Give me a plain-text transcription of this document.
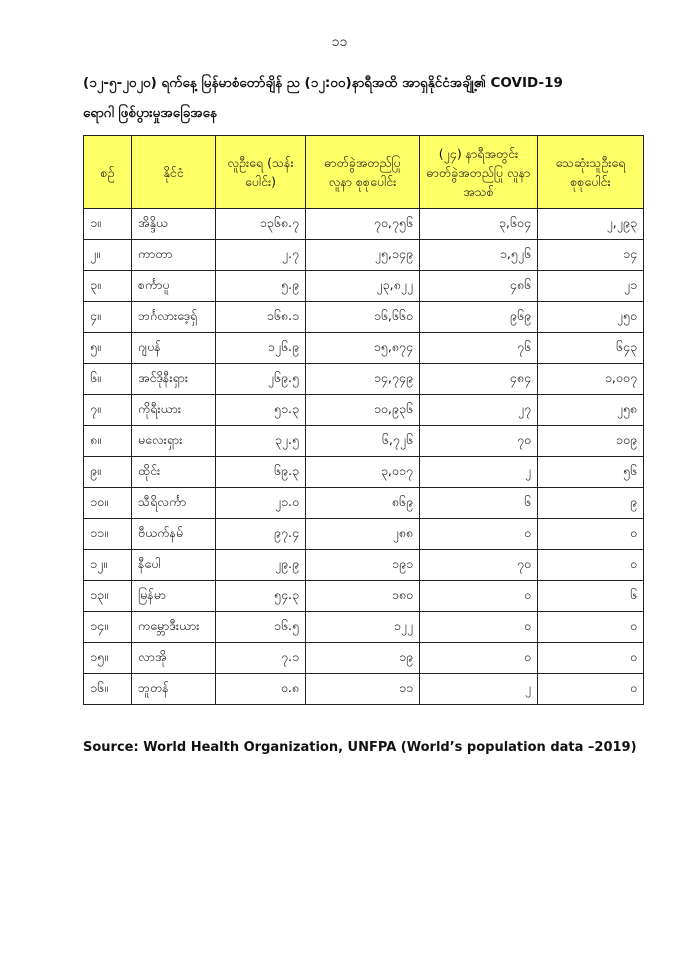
၁၁
(၁၂-၅-၂၀၂၀) ရက်နေ့ မြန်မာစံတော်ချိန် ည (၁၂:၀၀)နာရီအထိ အာရှနိုင်ငံအချို့၏ COVID-19
ရောဂါ ဖြစ်ပွားမှုအခြေအနေ
စဉ်	နိုင်ငံ	လူဦးရေ (သန်းပေါင်း)	ဓာတ်ခွဲအတည်ပြု လူနာ စုစုပေါင်း	(၂၄) နာရီအတွင်း ဓာတ်ခွဲအတည်ပြု လူနာ အသစ်	သေဆုံးသူဦးရေ စုစုပေါင်း
၁။	အိန္ဒိယ	၁၃၆၈.၇	၇၀,၇၅၆	၃,၆၀၄	၂,၂၉၃
၂။	ကာတာ	၂.၇	၂၅,၁၄၉	၁,၅၂၆	၁၄
၃။	စင်္ကာပူ	၅.၉	၂၃,၈၂၂	၄၈၆	၂၁
၄။	ဘင်္ဂလားဒေ့ရှ်	၁၆၈.၁	၁၆,၆၆၀	၉၆၉	၂၅၀
၅။	ဂျပန်	၁၂၆.၉	၁၅,၈၇၄	၇၆	၆၄၃
၆။	အင်ဒိုနီးရှား	၂၆၉.၅	၁၄,၇၄၉	၄၈၄	၁,၀၀၇
၇။	ကိုရီးယား	၅၁.၃	၁၀,၉၃၆	၂၇	၂၅၈
၈။	မလေးရှား	၃၂.၅	၆,၇၂၆	၇၀	၁၀၉
၉။	ထိုင်း	၆၉.၃	၃,၀၁၇	၂	၅၆
၁၀။	သီရိလင်္ကာ	၂၁.၀	၈၆၉	၆	၉
၁၁။	ဗီယက်နမ်	၉၇.၄	၂၈၈	၀	၀
၁၂။	နီပေါ	၂၉.၉	၁၉၁	၇၀	၀
၁၃။	မြန်မာ	၅၄.၃	၁၈၀	၀	၆
၁၄။	ကမ္ဘောဒီးယား	၁၆.၅	၁၂၂	၀	၀
၁၅။	လာအို	၇.၁	၁၉	၀	၀
၁၆။	ဘူတန်	၀.၈	၁၁	၂	၀
Source: World Health Organization, UNFPA (World’s population data –2019)
